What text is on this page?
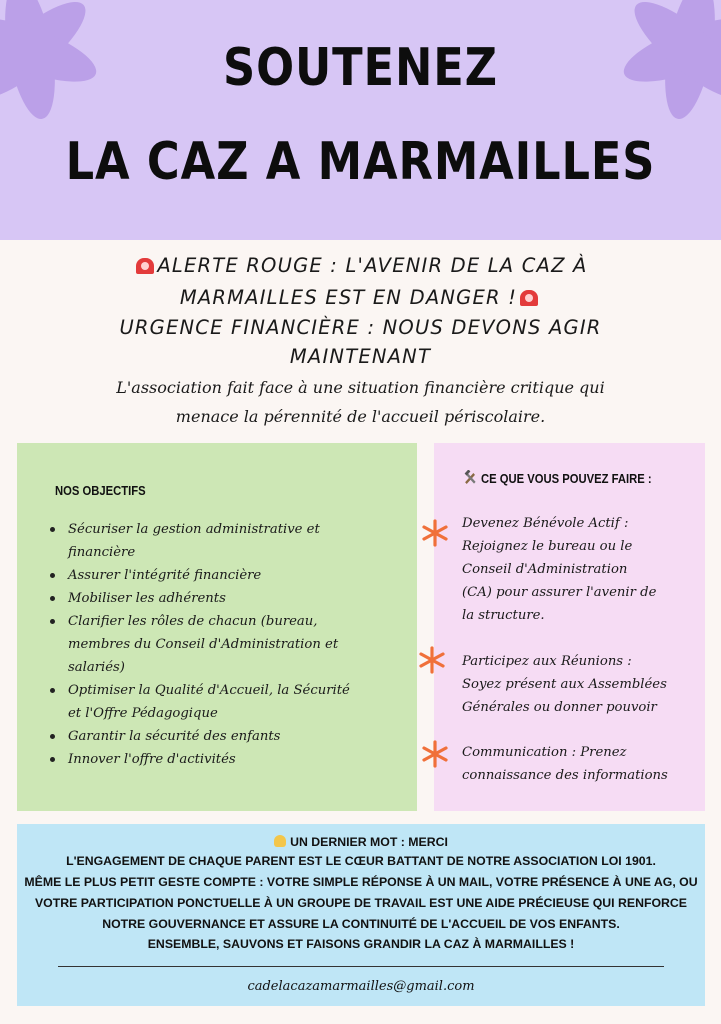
SOUTENEZ
LA CAZ A MARMAILLES
ALERTE ROUGE : L'AVENIR DE LA CAZ À
MARMAILLES EST EN DANGER !
URGENCE FINANCIÈRE : NOUS DEVONS AGIR
MAINTENANT
L'association fait face à une situation financière critique qui
menace la pérennité de l'accueil périscolaire.
NOS OBJECTIFS
Sécuriser la gestion administrative et
financière
Assurer l'intégrité financière
Mobiliser les adhérents
Clarifier les rôles de chacun (bureau,
membres du Conseil d'Administration et
salariés)
Optimiser la Qualité d'Accueil, la Sécurité
et l'Offre Pédagogique
Garantir la sécurité des enfants
Innover l'offre d'activités
CE QUE VOUS POUVEZ FAIRE :
Devenez Bénévole Actif :
Rejoignez le bureau ou le
Conseil d'Administration
(CA) pour assurer l'avenir de
la structure.
Participez aux Réunions :
Soyez présent aux Assemblées
Générales ou donner pouvoir
Communication : Prenez
connaissance des informations
UN DERNIER MOT : MERCI
L'ENGAGEMENT DE CHAQUE PARENT EST LE CŒUR BATTANT DE NOTRE ASSOCIATION LOI 1901.
MÊME LE PLUS PETIT GESTE COMPTE : VOTRE SIMPLE RÉPONSE À UN MAIL, VOTRE PRÉSENCE À UNE AG, OU
VOTRE PARTICIPATION PONCTUELLE À UN GROUPE DE TRAVAIL EST UNE AIDE PRÉCIEUSE QUI RENFORCE
NOTRE GOUVERNANCE ET ASSURE LA CONTINUITÉ DE L'ACCUEIL DE VOS ENFANTS.
ENSEMBLE, SAUVONS ET FAISONS GRANDIR LA CAZ À MARMAILLES !
cadelacazamarmailles@gmail.com
